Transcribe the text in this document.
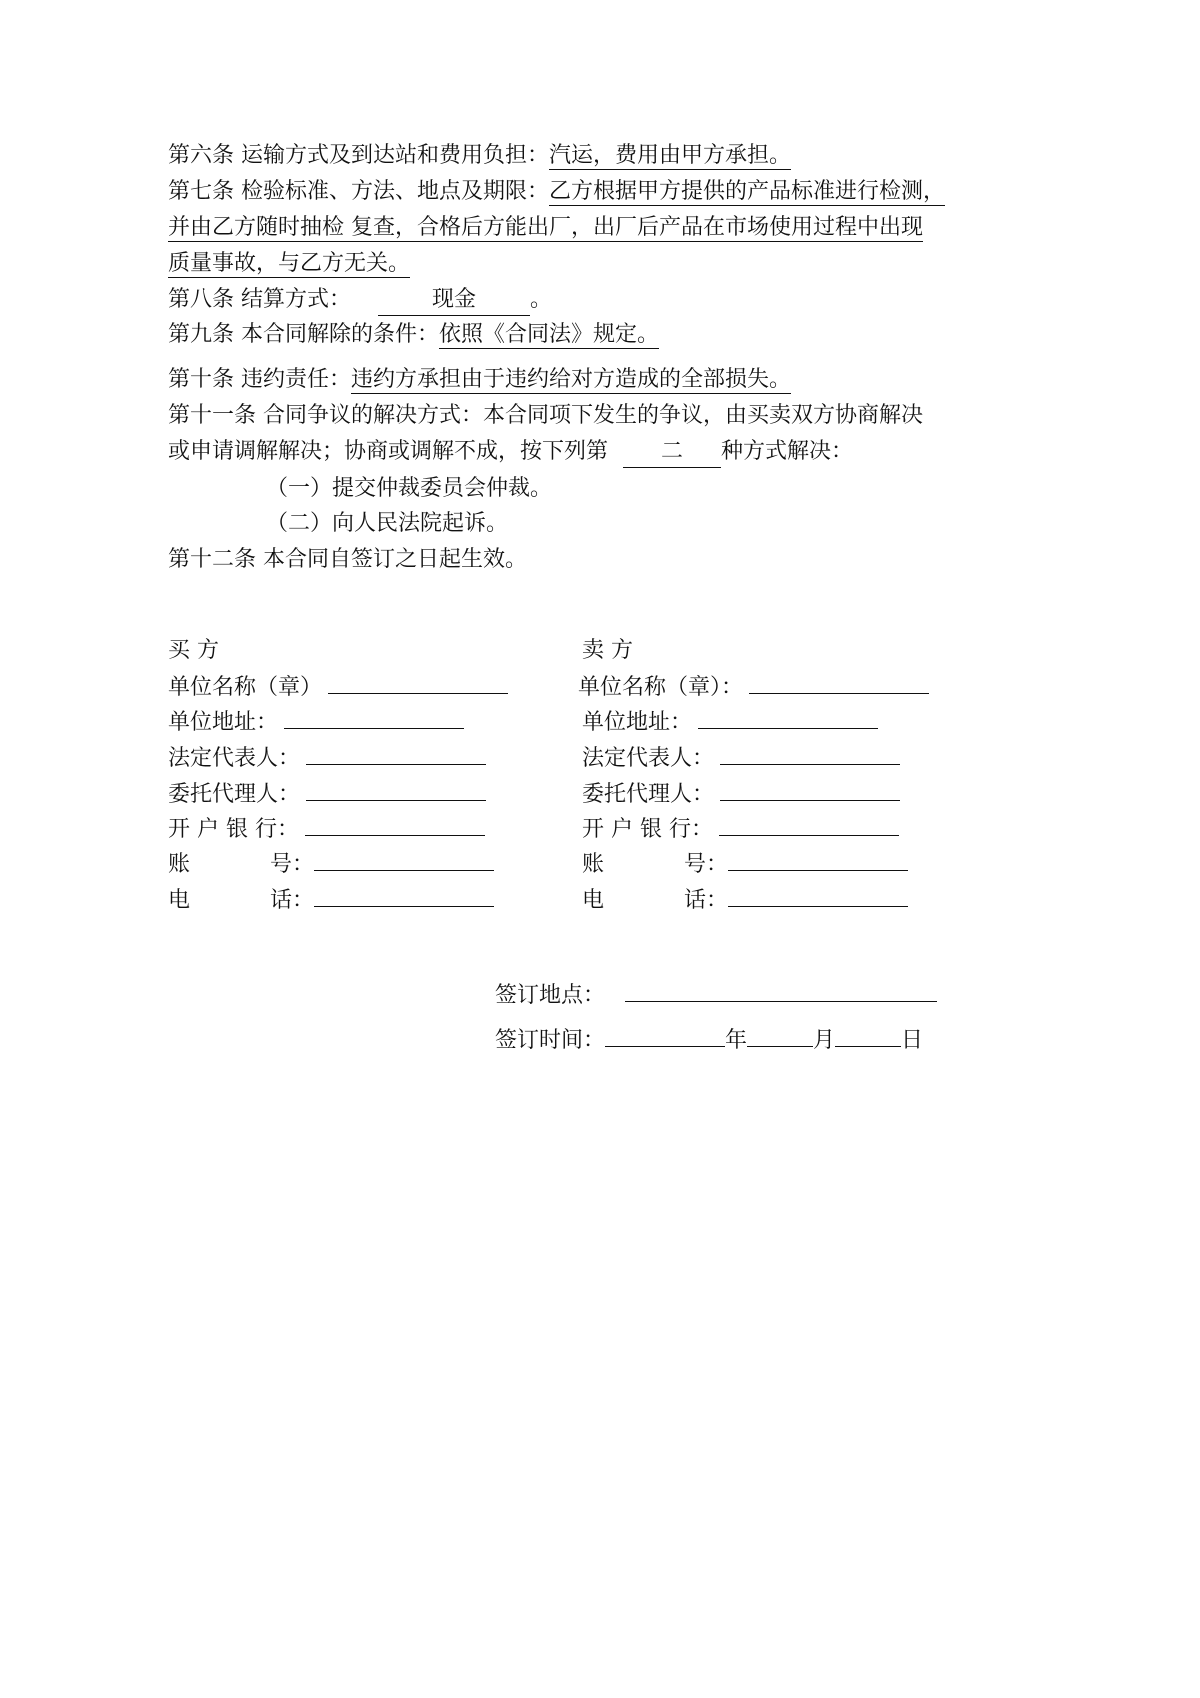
第六条 运输方式及到达站和费用负担：汽运，费用由甲方承担。
第七条 检验标准、方法、地点及期限：乙方根据甲方提供的产品标准进行检测，
并由乙方随时抽检 复查，合格后方能出厂，出厂后产品在市场使用过程中出现
质量事故，与乙方无关。
第八条 结算方式：	现金 。
第九条 本合同解除的条件：依照《合同法》规定。
第十条 违约责任：违约方承担由于违约给对方造成的全部损失。
第十一条 合同争议的解决方式：本合同项下发生的争议，由买卖双方协商解决
或申请调解解决；协商或调解不成，按下列第 二 种方式解决：
（一）提交仲裁委员会仲裁。
（二）向人民法院起诉。
第十二条 本合同自签订之日起生效。
买 方
单位名称（章）
单位地址：
法定代表人：
委托代理人：
开 户 银 行：
账	号：
电	话：
卖 方
单位名称（章）：
单位地址：
法定代表人：
委托代理人：
开 户 银 行：
账	号：
电	话：
签订地点：
签订时间：	年	月	日
